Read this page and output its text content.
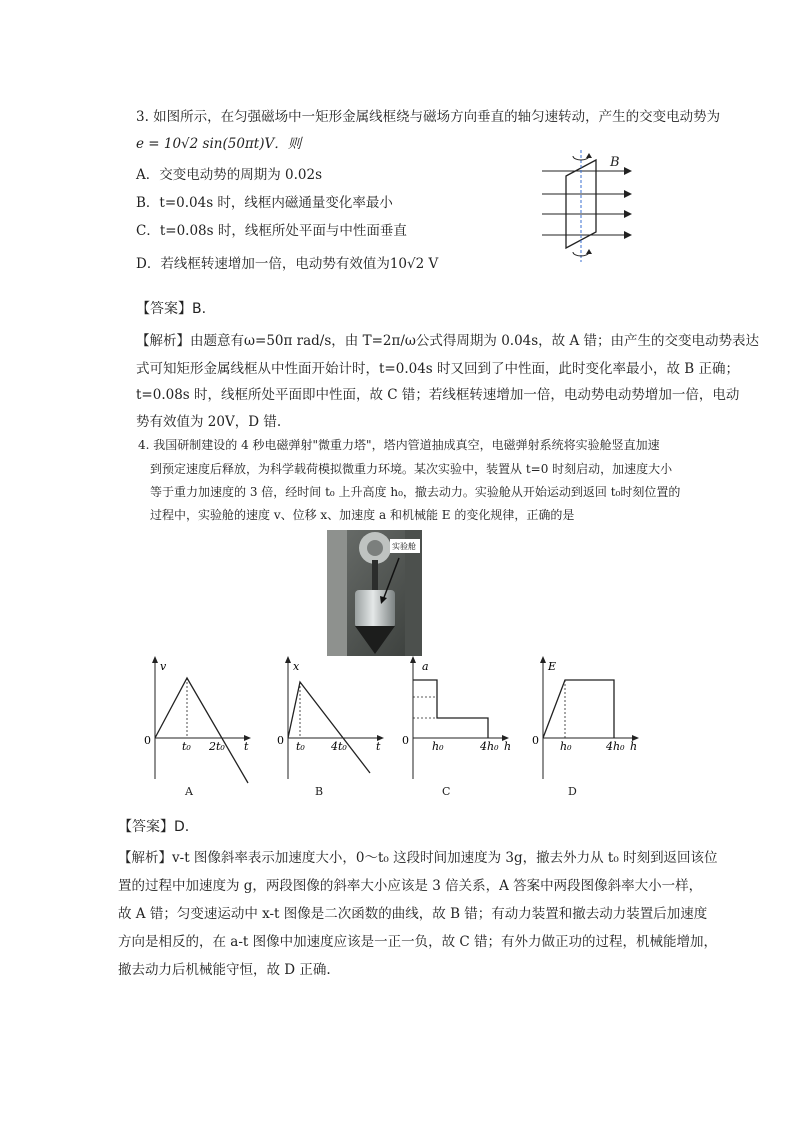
3. 如图所示，在匀强磁场中一矩形金属线框绕与磁场方向垂直的轴匀速转动，产生的交变电动势为
e = 10√2 sin(50πt)V．则
A．交变电动势的周期为 0.02s
B．t=0.04s 时，线框内磁通量变化率最小
C．t=0.08s 时，线框所处平面与中性面垂直
D．若线框转速增加一倍，电动势有效值为10√2 V
B
【答案】B.
【解析】由题意有ω=50π rad/s，由 T=2π/ω公式得周期为 0.04s，故 A 错；由产生的交变电动势表达
式可知矩形金属线框从中性面开始计时，t=0.04s 时又回到了中性面，此时变化率最小，故 B 正确；
t=0.08s 时，线框所处平面即中性面，故 C 错；若线框转速增加一倍，电动势电动势增加一倍，电动
势有效值为 20V，D 错.
4. 我国研制建设的 4 秒电磁弹射"微重力塔"，塔内管道抽成真空，电磁弹射系统将实验舱竖直加速
到预定速度后释放，为科学载荷模拟微重力环境。某次实验中，装置从 t=0 时刻启动，加速度大小
等于重力加速度的 3 倍，经时间 t₀ 上升高度 h₀，撤去动力。实验舱从开始运动到返回 t₀时刻位置的
过程中，实验舱的速度 v、位移 x、加速度 a 和机械能 E 的变化规律，正确的是
实验舱
v
0	t₀ 2t₀ t
A
x
0 t₀ 4t₀	t
B
a
0 h₀	4h₀ h
C
E
0 h₀	4h₀ h
D
【答案】D.
【解析】v-t 图像斜率表示加速度大小，0～t₀ 这段时间加速度为 3g，撤去外力从 t₀ 时刻到返回该位
置的过程中加速度为 g，两段图像的斜率大小应该是 3 倍关系，A 答案中两段图像斜率大小一样，
故 A 错；匀变速运动中 x-t 图像是二次函数的曲线，故 B 错；有动力装置和撤去动力装置后加速度
方向是相反的，在 a-t 图像中加速度应该是一正一负，故 C 错；有外力做正功的过程，机械能增加，
撤去动力后机械能守恒，故 D 正确.
